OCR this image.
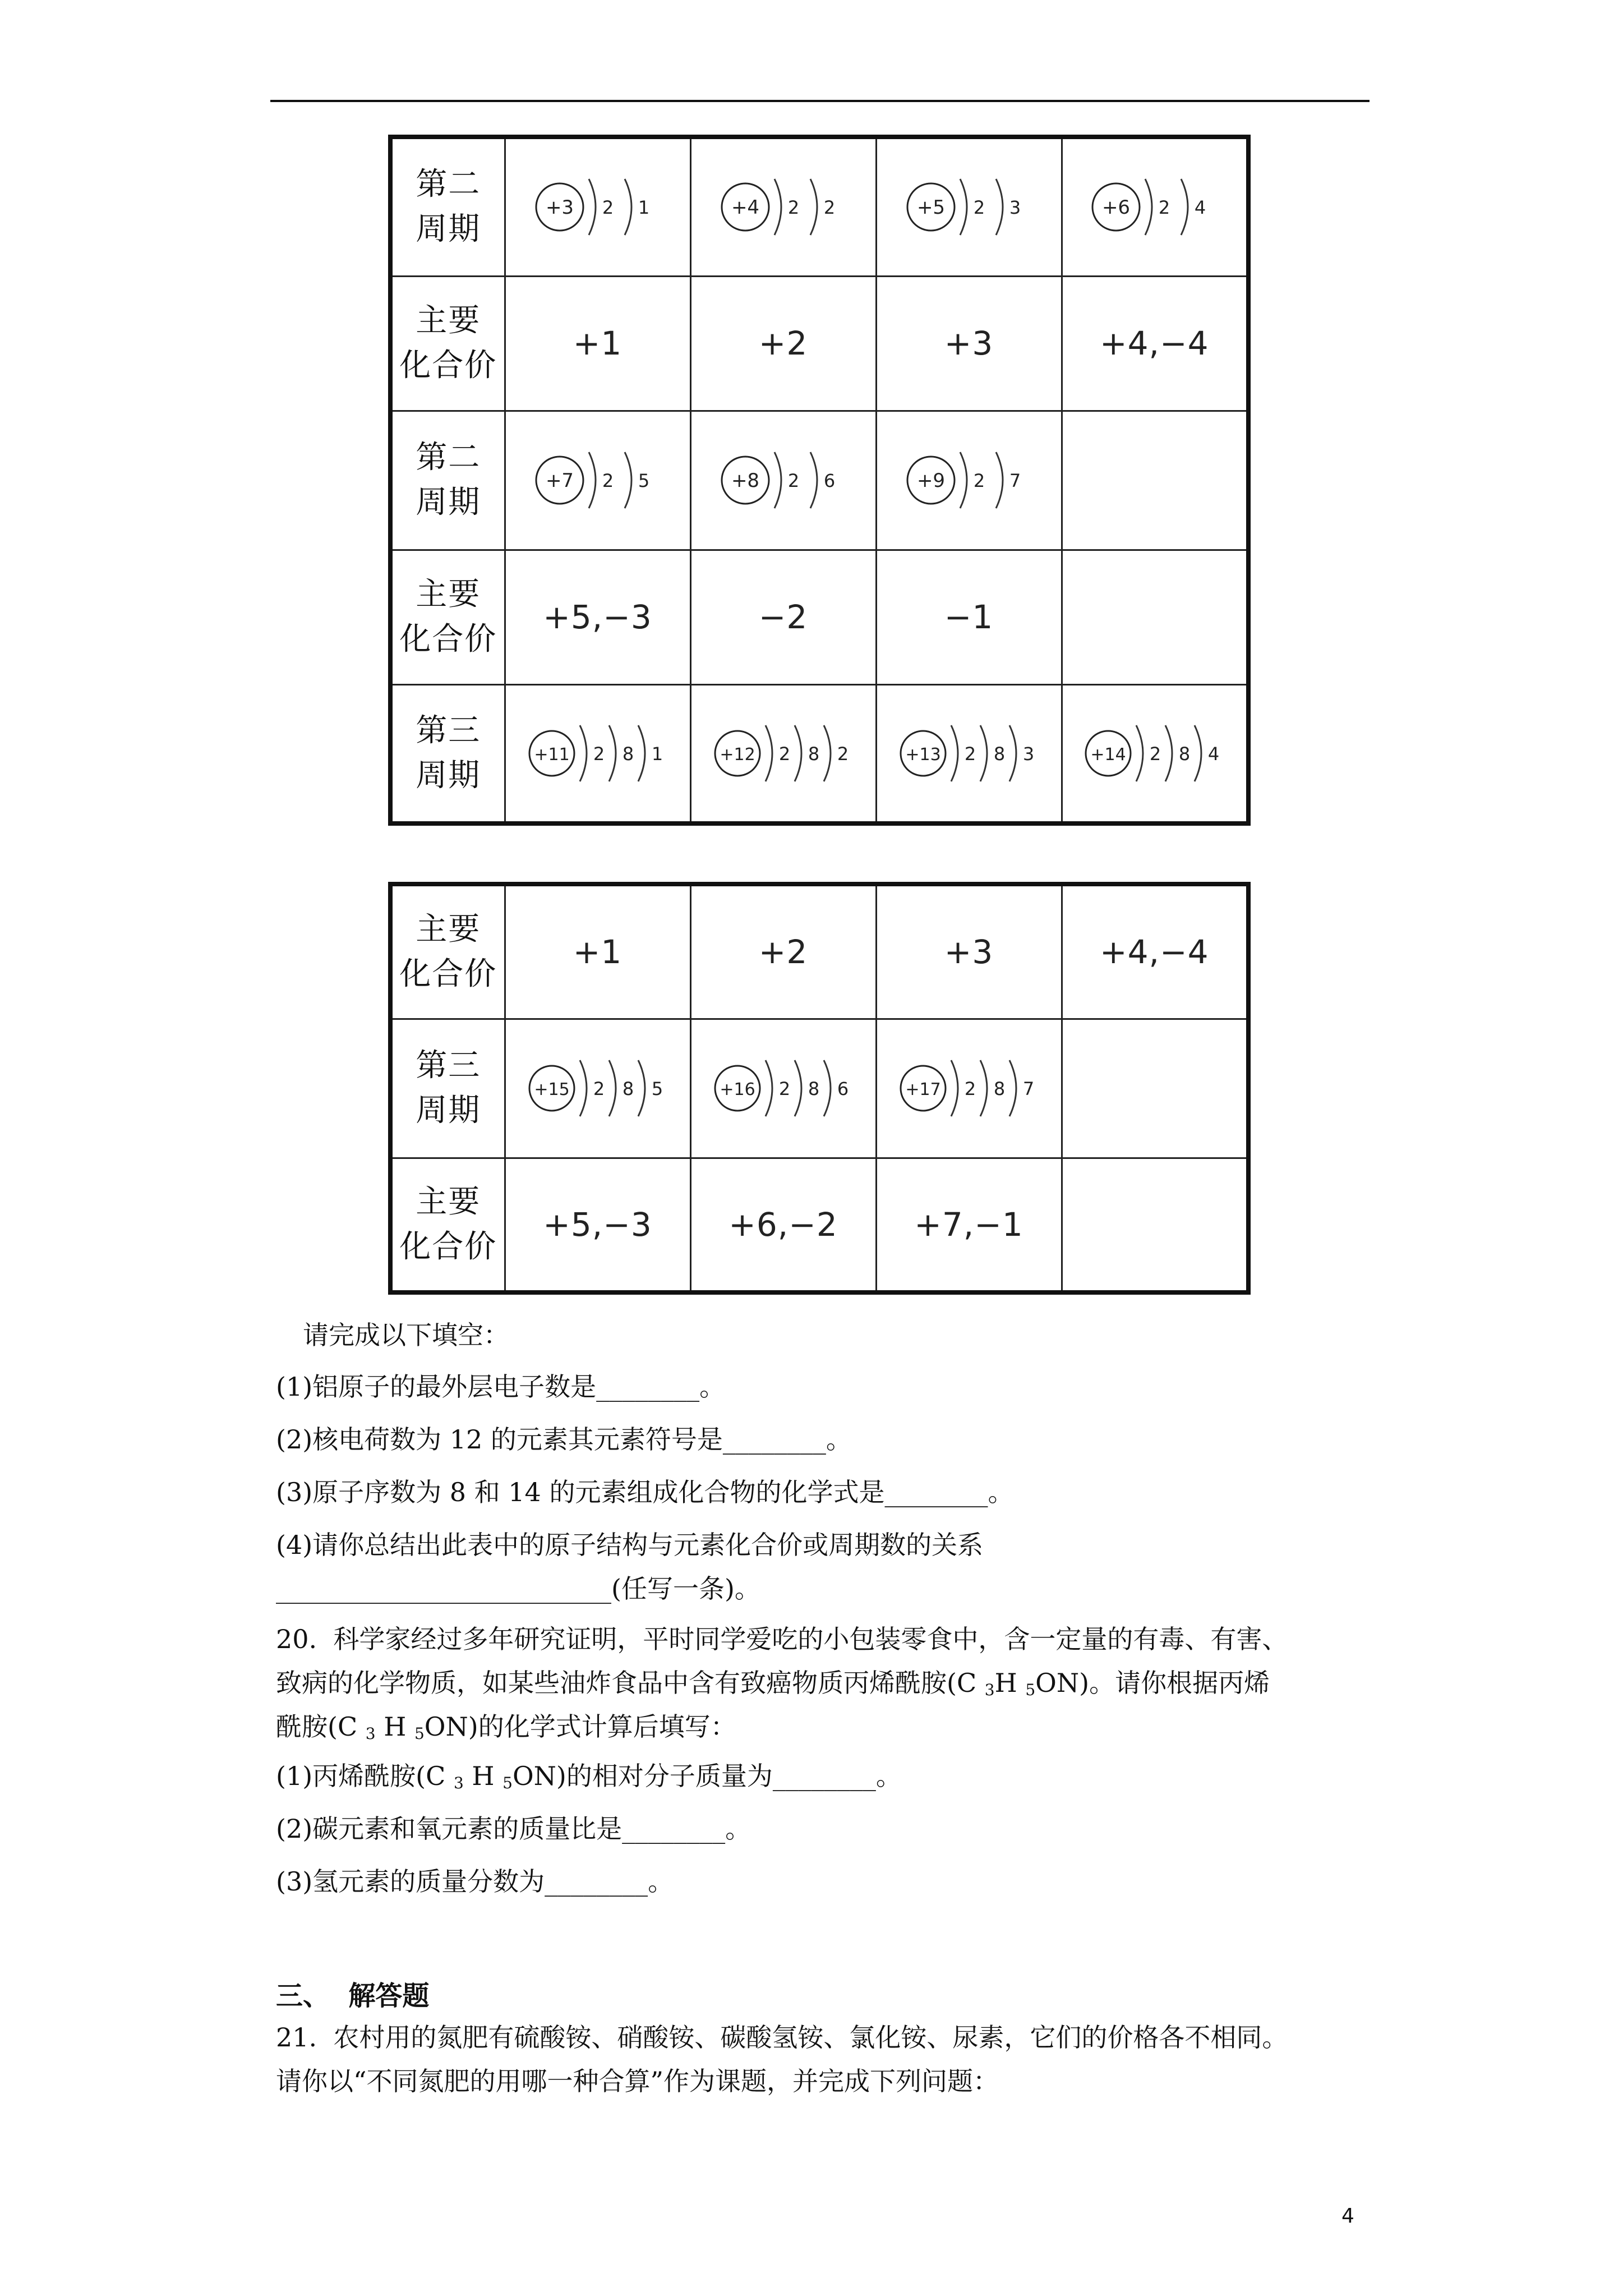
第二
周期	+3 2 1	+4 2 2	+5 2 3	+6 2 4

主要
化合价	+1	+2	+3	+4,−4

第二
周期	+7 2 5	+8 2 6	+9 2 7	

主要
化合价	+5,−3	−2	−1	

第三
周期	+11 2 8 1	+12 2 8 2	+13 2 8 3	+14 2 8 4
主要
化合价	+1	+2	+3	+4,−4

第三
周期	+15 2 8 5	+16 2 8 6	+17 2 8 7	

主要
化合价	+5,−3	+6,−2	+7,−1	
请完成以下填空：
(1)铝原子的最外层电子数是________。
(2)核电荷数为 12 的元素其元素符号是________。
(3)原子序数为 8 和 14 的元素组成化合物的化学式是________。
(4)请你总结出此表中的原子结构与元素化合价或周期数的关系
__________________________(任写一条)。
20.  科学家经过多年研究证明，平时同学爱吃的小包装零食中，含一定量的有毒、有害、
致病的化学物质，如某些油炸食品中含有致癌物质丙烯酰胺(C $_3$H $_5$ON)。请你根据丙烯
酰胺(C $_3$ H $_5$ON)的化学式计算后填写：
(1)丙烯酰胺(C $_3$ H $_5$ON)的相对分子质量为________。
(2)碳元素和氧元素的质量比是________。
(3)氢元素的质量分数为________。
三、  解答题
21.  农村用的氮肥有硫酸铵、硝酸铵、碳酸氢铵、氯化铵、尿素，它们的价格各不相同。
请你以“不同氮肥的用哪一种合算”作为课题，并完成下列问题：
4
